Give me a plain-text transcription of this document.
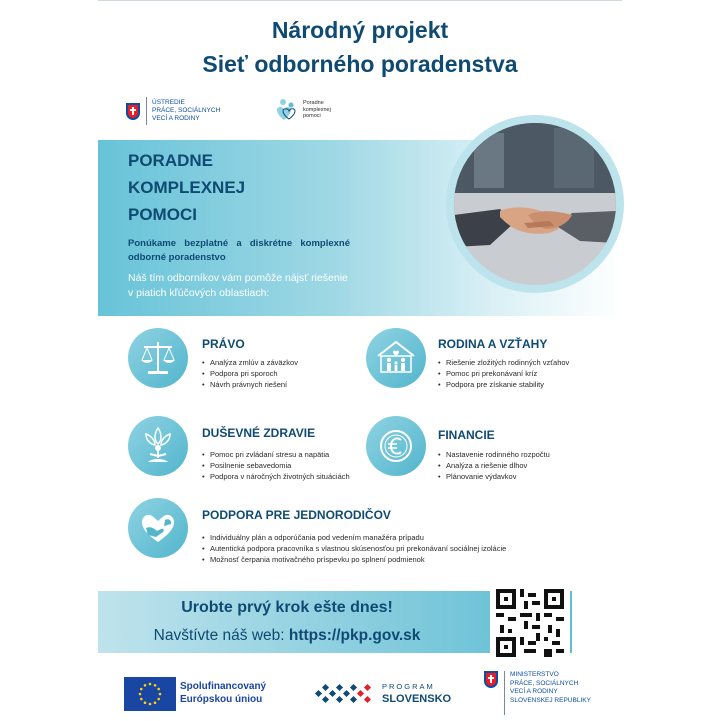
Národný projekt
Sieť odborného poradenstva
ÚSTREDIE
PRÁCE, SOCIÁLNYCH
VECÍ A RODINY
Poradne
komplexnej
pomoci
PORADNE
KOMPLEXNEJ
POMOCI
Ponúkame bezplatné a diskrétne komplexné odborné poradenstvo
Náš tím odborníkov vám pomôže nájsť riešenie v piatich kľúčových oblastiach:
PRÁVO
• Analýza zmlúv a záväzkov
• Podpora pri sporoch
• Návrh právnych riešení
RODINA A VZŤAHY
• Riešenie zložitých rodinných vzťahov
• Pomoc pri prekonávaní kríz
• Podpora pre získanie stability
DUŠEVNÉ ZDRAVIE
• Pomoc pri zvládaní stresu a napätia
• Posilnenie sebavedomia
• Podpora v náročných životných situáciách
FINANCIE
• Nastavenie rodinného rozpočtu
• Analýza a riešenie dlhov
• Plánovanie výdavkov
PODPORA PRE JEDNORODIČOV
• Individuálny plán a odporúčania pod vedením manažéra prípadu
• Autentická podpora pracovníka s vlastnou skúsenosťou pri prekonávaní sociálnej izolácie
• Možnosť čerpania motivačného príspevku po splnení podmienok
Urobte prvý krok ešte dnes!
Navštívte náš web: https://pkp.gov.sk
Spolufinancovaný
Európskou úniou
PROGRAM
SLOVENSKO
MINISTERSTVO
PRÁCE, SOCIÁLNYCH
VECÍ A RODINY
SLOVENSKEJ REPUBLIKY
